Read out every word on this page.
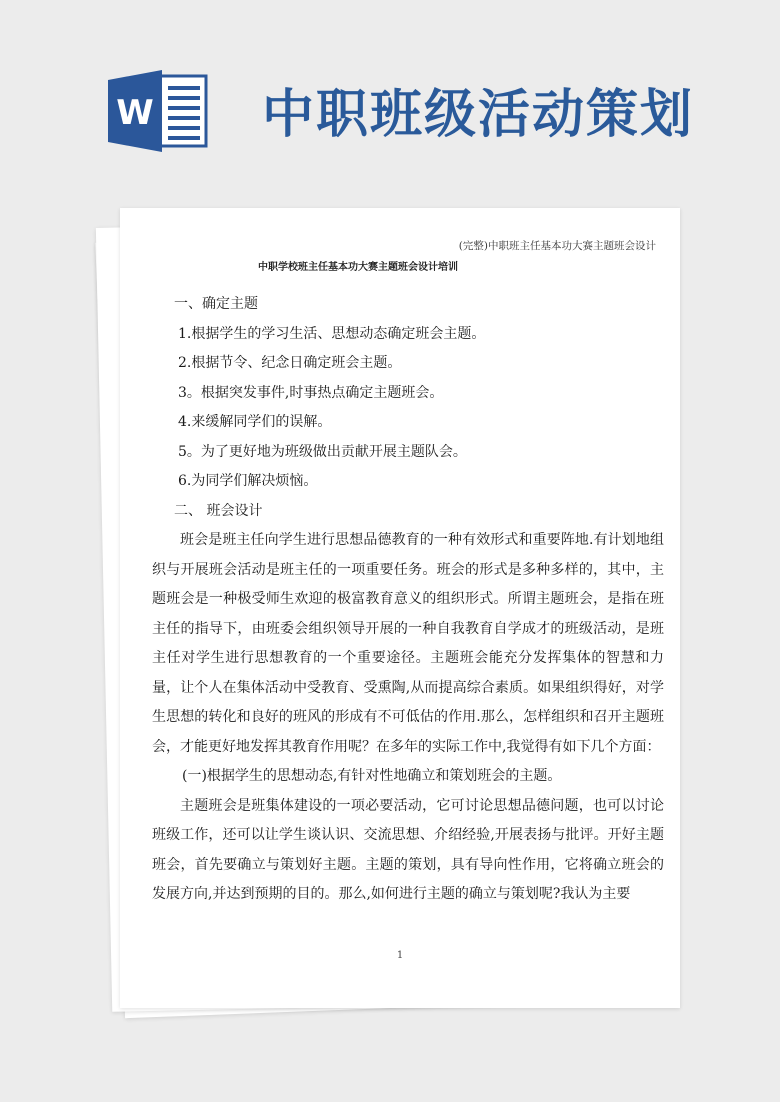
W 中职班级活动策划
(完整)中职班主任基本功大赛主题班会设计
中职学校班主任基本功大赛主题班会设计培训

一、确定主题

1.根据学生的学习生活、思想动态确定班会主题。

2.根据节令、纪念日确定班会主题。

3。根据突发事件,时事热点确定主题班会。

4.来缓解同学们的误解。

5。为了更好地为班级做出贡献开展主题队会。

6.为同学们解决烦恼。

二、 班会设计

班会是班主任向学生进行思想品德教育的一种有效形式和重要阵地.有计划地组织与开展班会活动是班主任的一项重要任务。班会的形式是多种多样的，其中，主题班会是一种极受师生欢迎的极富教育意义的组织形式。所谓主题班会，是指在班主任的指导下，由班委会组织领导开展的一种自我教育自学成才的班级活动，是班主任对学生进行思想教育的一个重要途径。主题班会能充分发挥集体的智慧和力量，让个人在集体活动中受教育、受熏陶,从而提高综合素质。如果组织得好，对学生思想的转化和良好的班风的形成有不可低估的作用.那么，怎样组织和召开主题班会，才能更好地发挥其教育作用呢？在多年的实际工作中,我觉得有如下几个方面：

(一)根据学生的思想动态,有针对性地确立和策划班会的主题。

主题班会是班集体建设的一项必要活动，它可讨论思想品德问题，也可以讨论班级工作，还可以让学生谈认识、交流思想、介绍经验,开展表扬与批评。开好主题班会，首先要确立与策划好主题。主题的策划，具有导向性作用，它将确立班会的发展方向,并达到预期的目的。那么,如何进行主题的确立与策划呢?我认为主要

1
